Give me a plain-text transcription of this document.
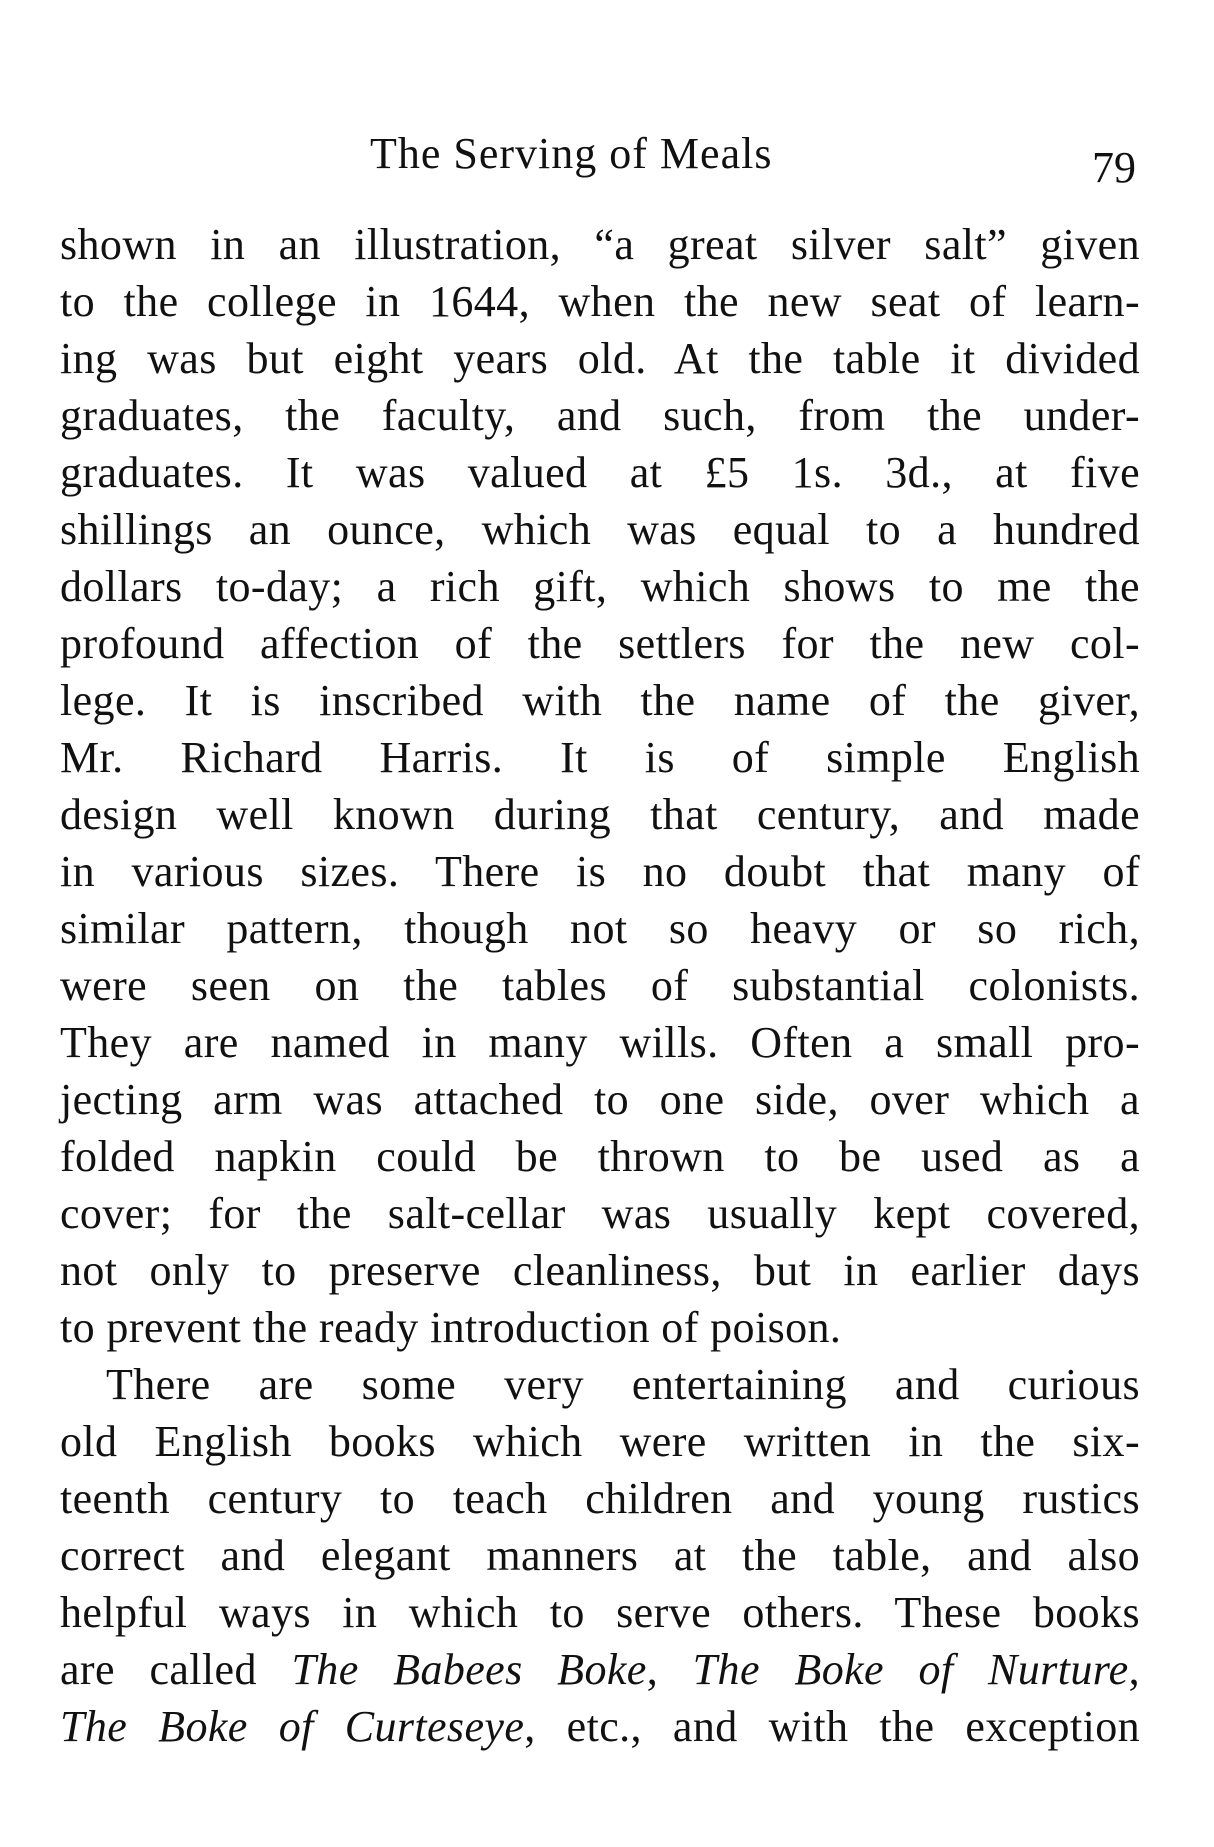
The Serving of Meals	79
shown in an illustration, “a great silver salt” given
to the college in 1644, when the new seat of learn-
ing was but eight years old. At the table it divided
graduates, the faculty, and such, from the under-
graduates. It was valued at £5 1s. 3d., at five
shillings an ounce, which was equal to a hundred
dollars to-day; a rich gift, which shows to me the
profound affection of the settlers for the new col-
lege. It is inscribed with the name of the giver,
Mr. Richard Harris. It is of simple English
design well known during that century, and made
in various sizes. There is no doubt that many of
similar pattern, though not so heavy or so rich,
were seen on the tables of substantial colonists.
They are named in many wills. Often a small pro-
jecting arm was attached to one side, over which a
folded napkin could be thrown to be used as a
cover; for the salt-cellar was usually kept covered,
not only to preserve cleanliness, but in earlier days
to prevent the ready introduction of poison.
There are some very entertaining and curious
old English books which were written in the six-
teenth century to teach children and young rustics
correct and elegant manners at the table, and also
helpful ways in which to serve others. These books
are called The Babees Boke, The Boke of Nurture,
The Boke of Curteseye, etc., and with the exception
